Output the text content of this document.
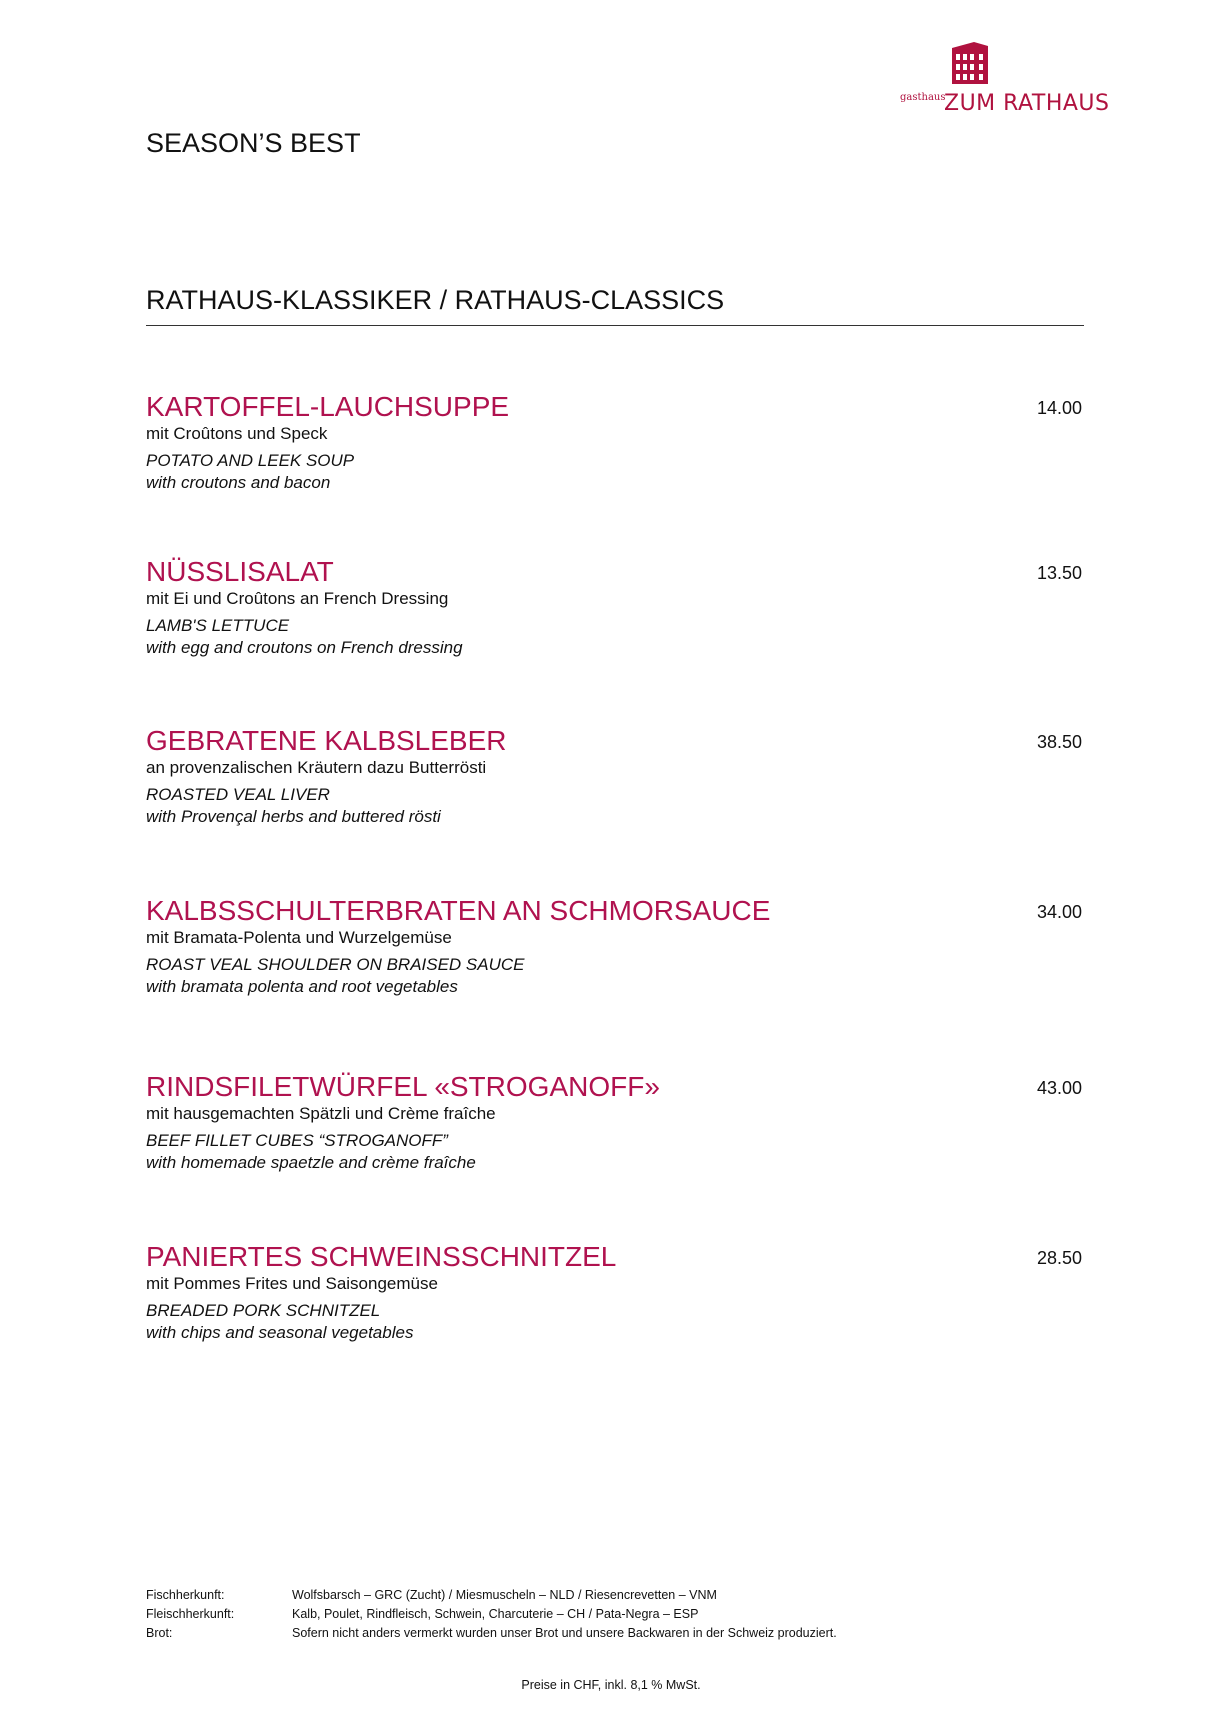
gasthaus
ZUM RATHAUS
SEASON’S BEST
RATHAUS-KLASSIKER / RATHAUS-CLASSICS
KARTOFFEL-LAUCHSUPPE	14.00
mit Croûtons und Speck
POTATO AND LEEK SOUP
with croutons and bacon
NÜSSLISALAT	13.50
mit Ei und Croûtons an French Dressing
LAMB'S LETTUCE
with egg and croutons on French dressing
GEBRATENE KALBSLEBER	38.50
an provenzalischen Kräutern dazu Butterrösti
ROASTED VEAL LIVER
with Provençal herbs and buttered rösti
KALBSSCHULTERBRATEN AN SCHMORSAUCE	34.00
mit Bramata-Polenta und Wurzelgemüse
ROAST VEAL SHOULDER ON BRAISED SAUCE
with bramata polenta and root vegetables
RINDSFILETWÜRFEL «STROGANOFF»	43.00
mit hausgemachten Spätzli und Crème fraîche
BEEF FILLET CUBES “STROGANOFF”
with homemade spaetzle and crème fraîche
PANIERTES SCHWEINSSCHNITZEL	28.50
mit Pommes Frites und Saisongemüse
BREADED PORK SCHNITZEL
with chips and seasonal vegetables
Fischherkunft:	Wolfsbarsch – GRC (Zucht) / Miesmuscheln – NLD / Riesencrevetten – VNM
Fleischherkunft:	Kalb, Poulet, Rindfleisch, Schwein, Charcuterie – CH / Pata-Negra – ESP
Brot:	Sofern nicht anders vermerkt wurden unser Brot und unsere Backwaren in der Schweiz produziert.
Preise in CHF, inkl. 8,1 % MwSt.
